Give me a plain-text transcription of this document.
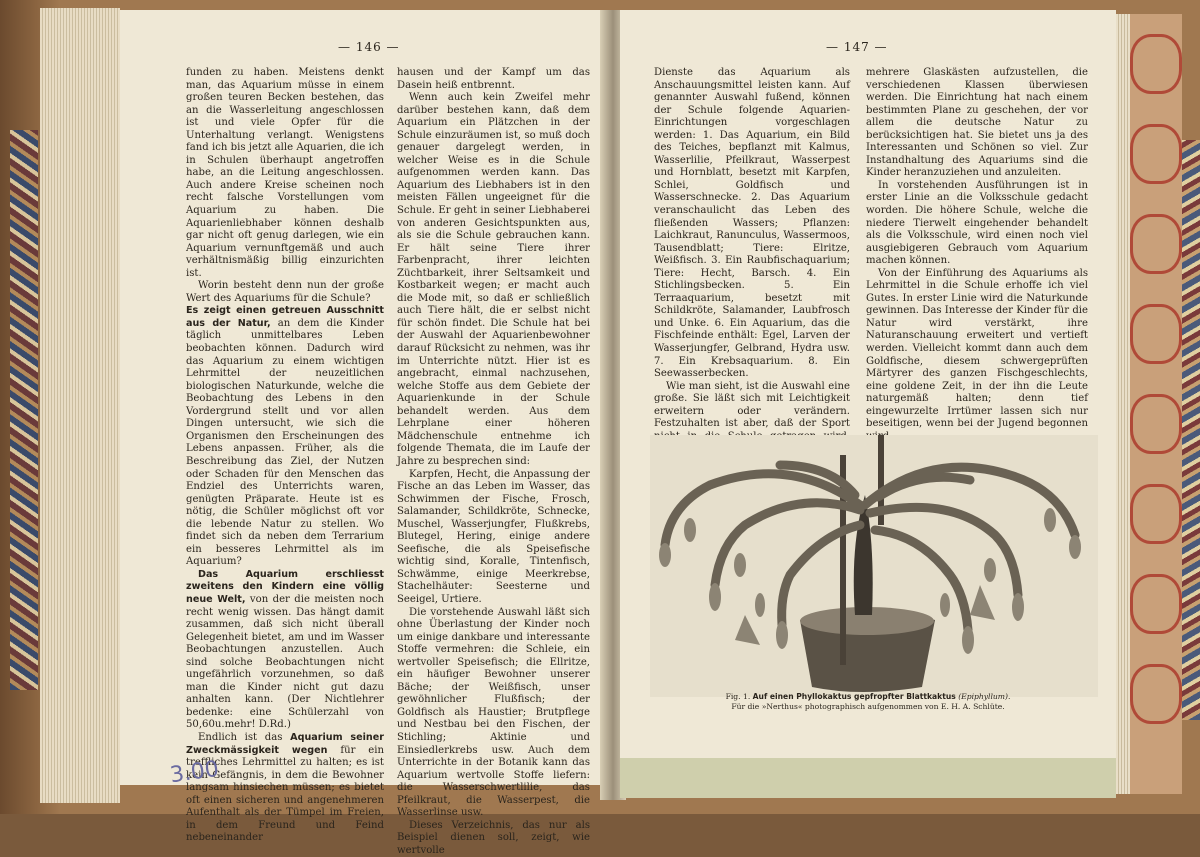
— 146 —

funden zu haben. Meistens denkt man, das Aquarium müsse in einem großen teuren Becken bestehen, das an die Wasserleitung angeschlossen ist und viele Opfer für die Unterhaltung verlangt. Wenigstens fand ich bis jetzt alle Aquarien, die ich in Schulen überhaupt angetroffen habe, an die Leitung angeschlossen. Auch andere Kreise scheinen noch recht falsche Vorstellungen vom Aquarium zu haben. Die Aquarienliebhaber können deshalb gar nicht oft genug darlegen, wie ein Aquarium vernunftgemäß und auch verhältnismäßig billig einzurichten ist.

Worin besteht denn nun der große Wert des Aquariums für die Schule?

Es zeigt einen getreuen Ausschnitt aus der Natur, an dem die Kinder täglich unmittelbares Leben beobachten können. Dadurch wird das Aquarium zu einem wichtigen Lehrmittel der neuzeitlichen biologischen Naturkunde, welche die Beobachtung des Lebens in den Vordergrund stellt und vor allen Dingen untersucht, wie sich die Organismen den Erscheinungen des Lebens anpassen. Früher, als die Beschreibung das Ziel, der Nutzen oder Schaden für den Menschen das Endziel des Unterrichts waren, genügten Präparate. Heute ist es nötig, die Schüler möglichst oft vor die lebende Natur zu stellen. Wo findet sich da neben dem Terrarium ein besseres Lehrmittel als im Aquarium?

Das Aquarium erschliesst zweitens den Kindern eine völlig neue Welt, von der die meisten noch recht wenig wissen. Das hängt damit zusammen, daß sich nicht überall Gelegenheit bietet, am und im Wasser Beobachtungen anzustellen. Auch sind solche Beobachtungen nicht ungefährlich vorzunehmen, so daß man die Kinder nicht gut dazu anhalten kann. (Der Nichtlehrer bedenke: eine Schülerzahl von 50,60u.mehr! D.Rd.)

Endlich ist das Aquarium seiner Zweckmässigkeit wegen für ein treffliches Lehrmittel zu halten; es ist kein Gefängnis, in dem die Bewohner langsam hinsiechen müssen; es bietet oft einen sicheren und angenehmeren Aufenthalt als der Tümpel im Freien, in dem Freund und Feind nebeneinander

hausen und der Kampf um das Dasein heiß entbrennt.

Wenn auch kein Zweifel mehr darüber bestehen kann, daß dem Aquarium ein Plätzchen in der Schule einzuräumen ist, so muß doch genauer dargelegt werden, in welcher Weise es in die Schule aufgenommen werden kann. Das Aquarium des Liebhabers ist in den meisten Fällen ungeeignet für die Schule. Er geht in seiner Liebhaberei von anderen Gesichtspunkten aus, als sie die Schule gebrauchen kann. Er hält seine Tiere ihrer Farbenpracht, ihrer leichten Züchtbarkeit, ihrer Seltsamkeit und Kostbarkeit wegen; er macht auch die Mode mit, so daß er schließlich auch Tiere hält, die er selbst nicht für schön findet. Die Schule hat bei der Auswahl der Aquarienbewohner darauf Rücksicht zu nehmen, was ihr im Unterrichte nützt. Hier ist es angebracht, einmal nachzusehen, welche Stoffe aus dem Gebiete der Aquarienkunde in der Schule behandelt werden. Aus dem Lehrplane einer höheren Mädchenschule entnehme ich folgende Themata, die im Laufe der Jahre zu besprechen sind:

Karpfen, Hecht, die Anpassung der Fische an das Leben im Wasser, das Schwimmen der Fische, Frosch, Salamander, Schildkröte, Schnecke, Muschel, Wasserjungfer, Flußkrebs, Blutegel, Hering, einige andere Seefische, die als Speisefische wichtig sind, Koralle, Tintenfisch, Schwämme, einige Meerkrebse, Stachelhäuter: Seesterne und Seeigel, Urtiere.

Die vorstehende Auswahl läßt sich ohne Überlastung der Kinder noch um einige dankbare und interessante Stoffe vermehren: die Schleie, ein wertvoller Speisefisch; die Ellritze, ein häufiger Bewohner unserer Bäche; der Weißfisch, unser gewöhnlicher Flußfisch; der Goldfisch als Haustier; Brutpflege und Nestbau bei den Fischen, der Stichling; Aktinie und Einsiedlerkrebs usw. Auch dem Unterrichte in der Botanik kann das Aquarium wertvolle Stoffe liefern: die Wasserschwertlilie, das Pfeilkraut, die Wasserpest, die Wasserlinse usw.

Dieses Verzeichnis, das nur als Beispiel dienen soll, zeigt, wie wertvolle

3.00
— 147 —

Dienste das Aquarium als Anschauungsmittel leisten kann. Auf genannter Auswahl fußend, können der Schule folgende Aquarien-Einrichtungen vorgeschlagen werden: 1. Das Aquarium, ein Bild des Teiches, bepflanzt mit Kalmus, Wasserlilie, Pfeilkraut, Wasserpest und Hornblatt, besetzt mit Karpfen, Schlei, Goldfisch und Wasserschnecke. 2. Das Aquarium veranschaulicht das Leben des fließenden Wassers; Pflanzen: Laichkraut, Ranunculus, Wassermoos, Tausendblatt; Tiere: Elritze, Weißfisch. 3. Ein Raubfischaquarium; Tiere: Hecht, Barsch. 4. Ein Stichlingsbecken. 5. Ein Terraaquarium, besetzt mit Schildkröte, Salamander, Laubfrosch und Unke. 6. Ein Aquarium, das die Fischfeinde enthält: Egel, Larven der Wasserjungfer, Gelbrand, Hydra usw. 7. Ein Krebsaquarium. 8. Ein Seewasserbecken.

Wie man sieht, ist die Auswahl eine große. Sie läßt sich mit Leichtigkeit erweitern oder verändern. Festzuhalten ist aber, daß der Sport

mehrere Glaskästen aufzustellen, die verschiedenen Klassen überwiesen werden. Die Einrichtung hat nach einem bestimmten Plane zu geschehen, der vor allem die deutsche Natur zu berücksichtigen hat. Sie bietet uns ja des Interessanten und Schönen so viel. Zur Instandhaltung des Aquariums sind die Kinder heranzuziehen und anzuleiten.

In vorstehenden Ausführungen ist in erster Linie an die Volksschule gedacht worden. Die höhere Schule, welche die niedere Tierwelt eingehender behandelt als die Volksschule, wird einen noch viel ausgiebigeren Gebrauch vom Aquarium machen können.

Von der Einführung des Aquariums als Lehrmittel in die Schule erhoffe ich viel Gutes. In erster Linie wird die Naturkunde gewinnen. Das Interesse der Kinder für die Natur wird verstärkt, ihre Naturanschauung erweitert und vertieft werden. Vielleicht kommt dann auch dem Goldfische, diesem schwergeprüften Märtyrer des ganzen Fischgeschlechts, eine goldene Zeit, in der ihn die Leute naturgemäß halten; denn tief eingewurzelte Irrtümer lassen sich nur beseitigen, wenn bei der Jugend begonnen

Fig. 1. Auf einen Phyllokaktus gepfropfter Blattkaktus (Epiphyllum).
Für die »Nerthus« photographisch aufgenommen von E. H. A. Schlüte.
